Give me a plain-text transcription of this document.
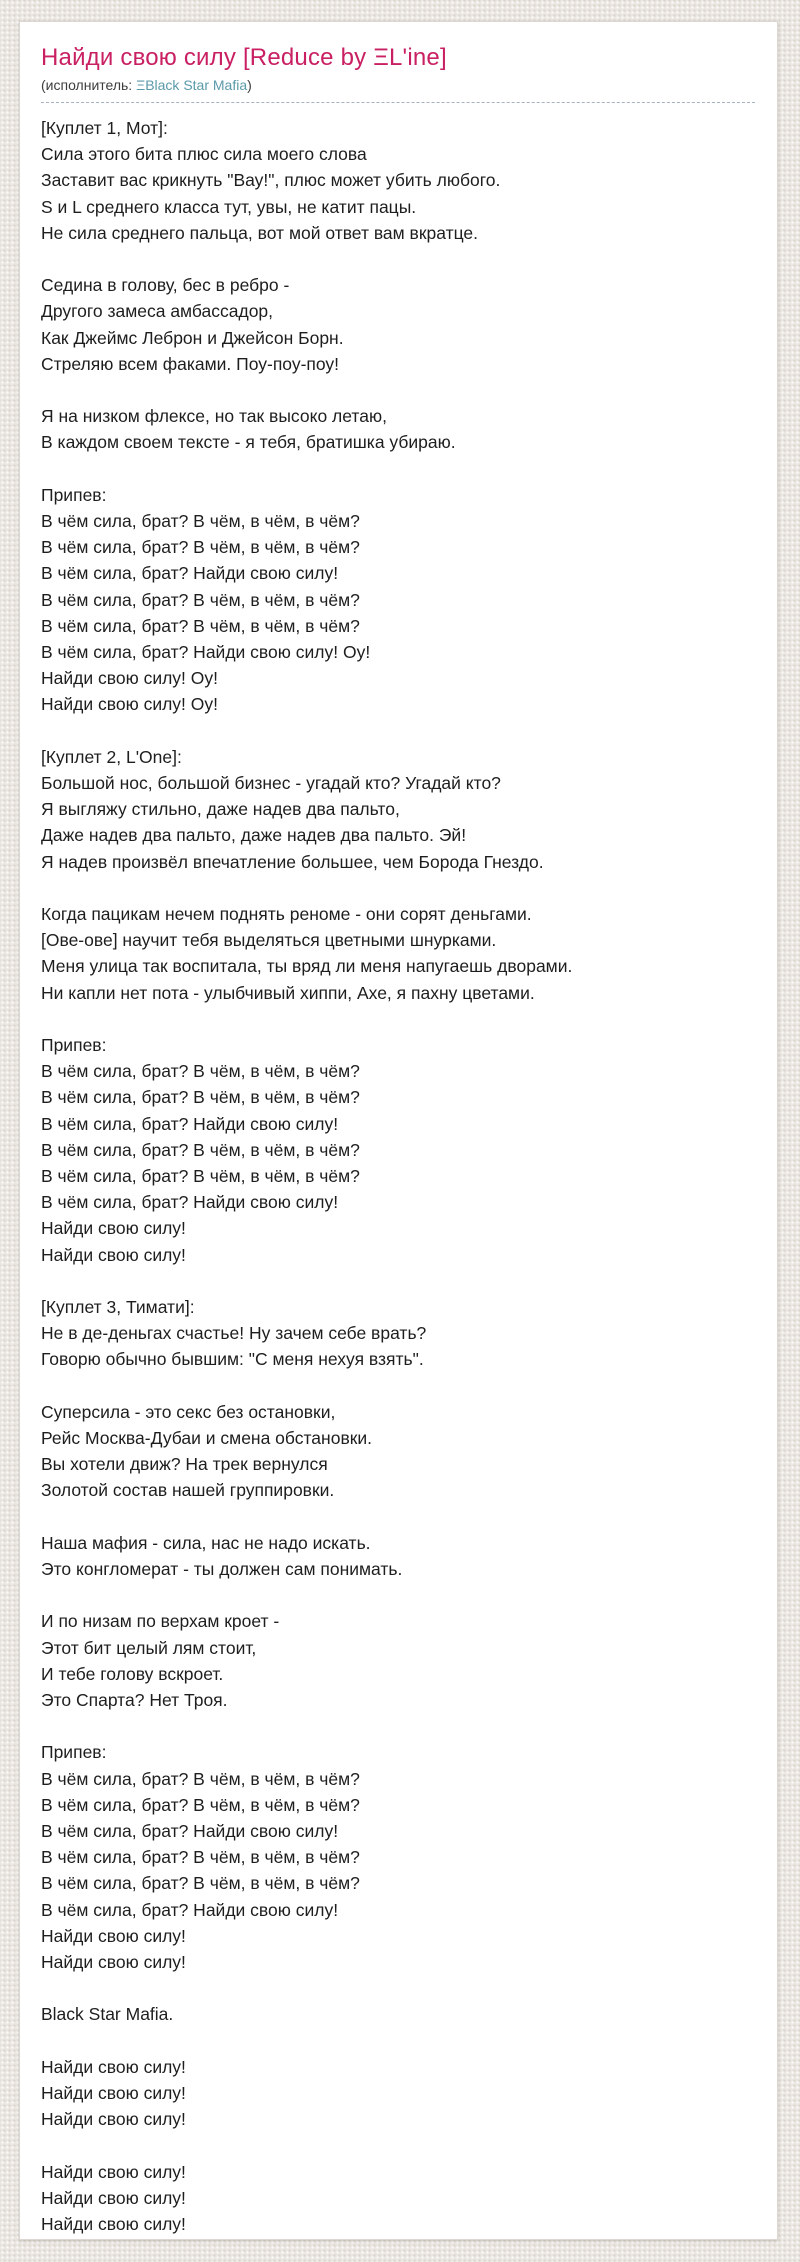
Найди свою силу [Reduce by ΞL'ine]
(исполнитель: ΞBlack Star Mafia)
[Куплет 1, Мот]:
Сила этого бита плюс сила моего слова
Заставит вас крикнуть "Вау!", плюс может убить любого.
S и L среднего класса тут, увы, не катит пацы.
Не сила среднего пальца, вот мой ответ вам вкратце.
Седина в голову, бес в ребро -
Другого замеса амбассадор,
Как Джеймс Леброн и Джейсон Борн.
Стреляю всем факами. Поу-поу-поу!
Я на низком флексе, но так высоко летаю,
В каждом своем тексте - я тебя, братишка убираю.
Припев:
В чём сила, брат? В чём, в чём, в чём?
В чём сила, брат? В чём, в чём, в чём?
В чём сила, брат? Найди свою силу!
В чём сила, брат? В чём, в чём, в чём?
В чём сила, брат? В чём, в чём, в чём?
В чём сила, брат? Найди свою силу! Оу!
Найди свою силу! Оу!
Найди свою силу! Оу!
[Куплет 2, L'One]:
Большой нос, большой бизнес - угадай кто? Угадай кто?
Я выгляжу стильно, даже надев два пальто,
Даже надев два пальто, даже надев два пальто. Эй!
Я надев произвёл впечатление большее, чем Борода Гнездо.
Когда пацикам нечем поднять реноме - они сорят деньгами.
[Ове-ове] научит тебя выделяться цветными шнурками.
Меня улица так воспитала, ты вряд ли меня напугаешь дворами.
Ни капли нет пота - улыбчивый хиппи, Ахе, я пахну цветами.
Припев:
В чём сила, брат? В чём, в чём, в чём?
В чём сила, брат? В чём, в чём, в чём?
В чём сила, брат? Найди свою силу!
В чём сила, брат? В чём, в чём, в чём?
В чём сила, брат? В чём, в чём, в чём?
В чём сила, брат? Найди свою силу!
Найди свою силу!
Найди свою силу!
[Куплет 3, Тимати]:
Не в де-деньгах счастье! Ну зачем себе врать?
Говорю обычно бывшим: "С меня нехуя взять".
Суперсила - это секс без остановки,
Рейс Москва-Дубаи и смена обстановки.
Вы хотели движ? На трек вернулся
Золотой состав нашей группировки.
Наша мафия - сила, нас не надо искать.
Это конгломерат - ты должен сам понимать.
И по низам по верхам кроет -
Этот бит целый лям стоит,
И тебе голову вскроет.
Это Спарта? Нет Троя.
Припев:
В чём сила, брат? В чём, в чём, в чём?
В чём сила, брат? В чём, в чём, в чём?
В чём сила, брат? Найди свою силу!
В чём сила, брат? В чём, в чём, в чём?
В чём сила, брат? В чём, в чём, в чём?
В чём сила, брат? Найди свою силу!
Найди свою силу!
Найди свою силу!
Black Star Mafia.
Найди свою силу!
Найди свою силу!
Найди свою силу!
Найди свою силу!
Найди свою силу!
Найди свою силу!
